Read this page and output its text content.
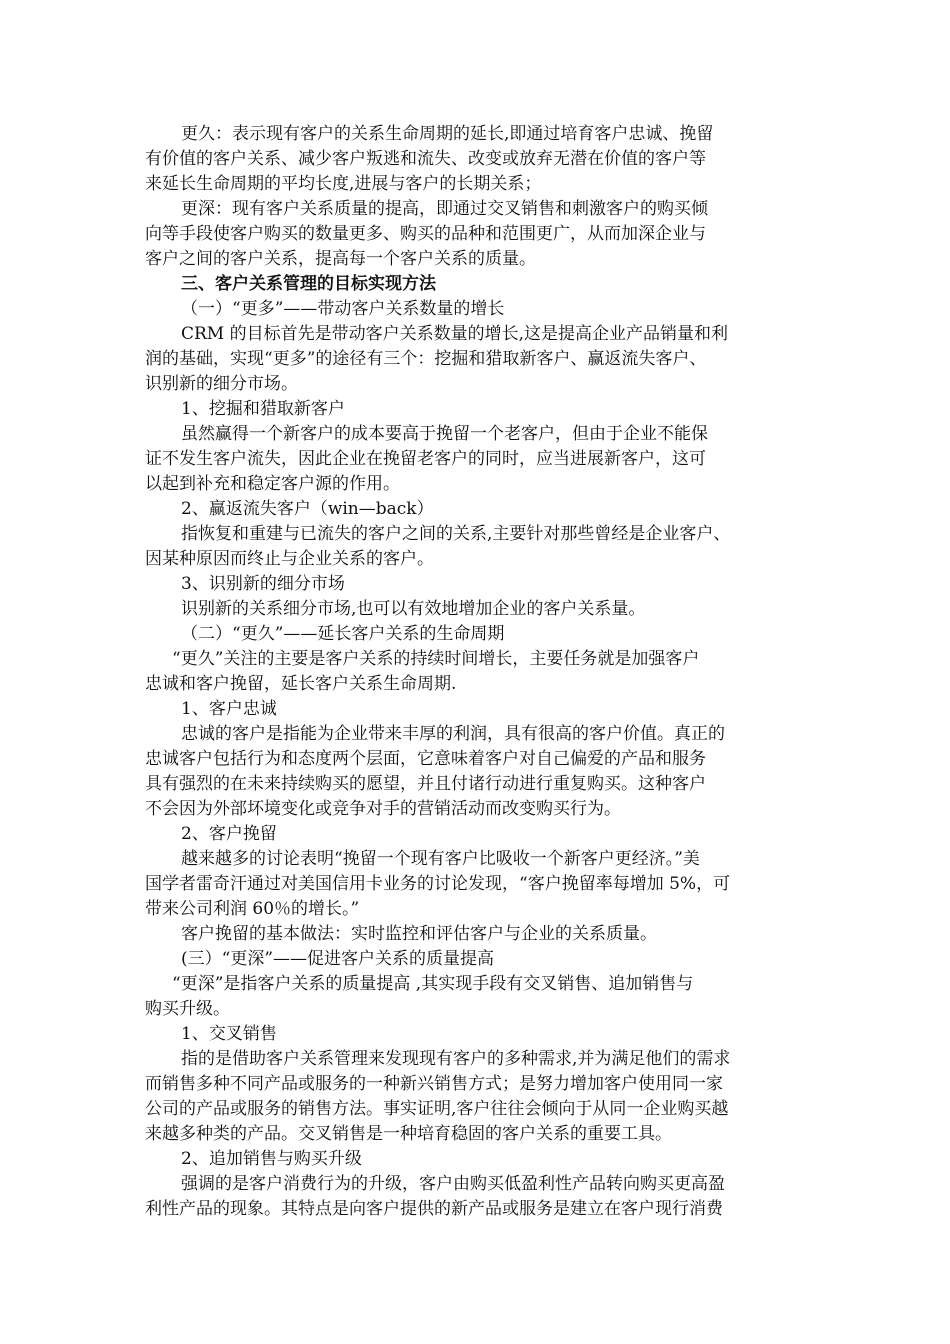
更久：表示现有客户的关系生命周期的延长,即通过培育客户忠诚、挽留
有价值的客户关系、减少客户叛逃和流失、改变或放弃无潜在价值的客户等
来延长生命周期的平均长度,进展与客户的长期关系；
更深：现有客户关系质量的提高，即通过交叉销售和刺激客户的购买倾
向等手段使客户购买的数量更多、购买的品种和范围更广，从而加深企业与
客户之间的客户关系，提高每一个客户关系的质量。
三、客户关系管理的目标实现方法
（一）“更多”——带动客户关系数量的增长
CRM 的目标首先是带动客户关系数量的增长,这是提高企业产品销量和利
润的基础，实现“更多”的途径有三个：挖掘和猎取新客户、赢返流失客户、
识别新的细分市场。
1、挖掘和猎取新客户
虽然赢得一个新客户的成本要高于挽留一个老客户，但由于企业不能保
证不发生客户流失，因此企业在挽留老客户的同时，应当进展新客户，这可
以起到补充和稳定客户源的作用。
2、赢返流失客户（win—back）
指恢复和重建与已流失的客户之间的关系,主要针对那些曾经是企业客户、
因某种原因而终止与企业关系的客户。
3、识别新的细分市场
识别新的关系细分市场,也可以有效地增加企业的客户关系量。
（二）“更久”——延长客户关系的生命周期
“更久”关注的主要是客户关系的持续时间增长，主要任务就是加强客户
忠诚和客户挽留，延长客户关系生命周期.
1、客户忠诚
忠诚的客户是指能为企业带来丰厚的利润，具有很高的客户价值。真正的
忠诚客户包括行为和态度两个层面，它意味着客户对自己偏爱的产品和服务
具有强烈的在未来持续购买的愿望，并且付诸行动进行重复购买。这种客户
不会因为外部坏境变化或竞争对手的营销活动而改变购买行为。
2、客户挽留
越来越多的讨论表明“挽留一个现有客户比吸收一个新客户更经济。”美
国学者雷奇汗通过对美国信用卡业务的讨论发现，“客户挽留率每增加 5%，可
带来公司利润 60％的增长。”
客户挽留的基本做法：实时监控和评估客户与企业的关系质量。
(三）“更深”——促进客户关系的质量提高
“更深”是指客户关系的质量提高 ,其实现手段有交叉销售、追加销售与
购买升级。
1、交叉销售
指的是借助客户关系管理来发现现有客户的多种需求,并为满足他们的需求
而销售多种不同产品或服务的一种新兴销售方式；是努力增加客户使用同一家
公司的产品或服务的销售方法。事实证明,客户往往会倾向于从同一企业购买越
来越多种类的产品。交叉销售是一种培育稳固的客户关系的重要工具。
2、追加销售与购买升级
强调的是客户消费行为的升级，客户由购买低盈利性产品转向购买更高盈
利性产品的现象。其特点是向客户提供的新产品或服务是建立在客户现行消费
